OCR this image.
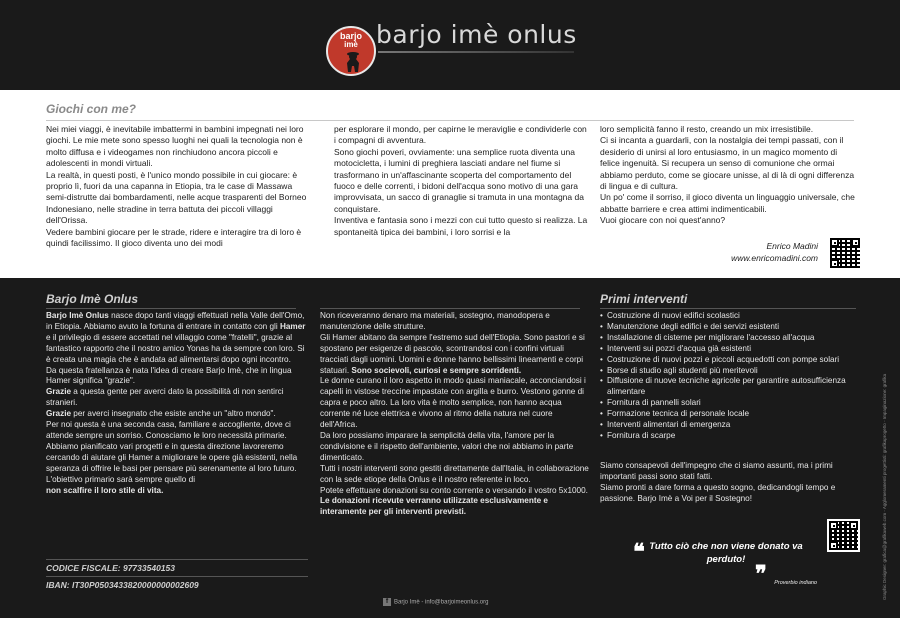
barjo
imè barjo imè onlus
Giochi con me?

Nei miei viaggi, è inevitabile imbattermi in bambini impegnati nei loro giochi. Le mie mete sono spesso luoghi nei quali la tecnologia non è molto diffusa e i videogames non rinchiudono ancora piccoli e adolescenti in mondi virtuali.

La realtà, in questi posti, è l'unico mondo possibile in cui giocare: è proprio lì, fuori da una capanna in Etiopia, tra le case di Massawa semi-distrutte dai bombardamenti, nelle acque trasparenti del Borneo Indonesiano, nelle stradine in terra battuta dei piccoli villaggi dell'Orissa.

Vedere bambini giocare per le strade, ridere e interagire tra di loro è quindi facilissimo. Il gioco diventa uno dei modi

per esplorare il mondo, per capirne le meraviglie e condividerle con i compagni di avventura.

Sono giochi poveri, ovviamente: una semplice ruota diventa una motocicletta, i lumini di preghiera lasciati andare nel fiume si trasformano in un'affascinante scoperta del comportamento del fuoco e delle correnti, i bidoni dell'acqua sono motivo di una gara improvvisata, un sacco di granaglie si tramuta in una montagna da conquistare.

Inventiva e fantasia sono i mezzi con cui tutto questo si realizza. La spontaneità tipica dei bambini, i loro sorrisi e la

loro semplicità fanno il resto, creando un mix irresistibile.

Ci si incanta a guardarli, con la nostalgia dei tempi passati, con il desiderio di unirsi al loro entusiasmo, in un magico momento di felice ingenuità. Si recupera un senso di comunione che ormai abbiamo perduto, come se giocare unisse, al di là di ogni differenza di lingua e di cultura.

Un po' come il sorriso, il gioco diventa un linguaggio universale, che abbatte barriere e crea attimi indimenticabili.

Vuoi giocare con noi quest'anno?

Enrico Madini
www.enricomadini.com
Barjo Imè Onlus	Primi interventi

Barjo Imè Onlus nasce dopo tanti viaggi effettuati nella Valle dell'Omo, in Etiopia. Abbiamo avuto la fortuna di entrare in contatto con gli Hamer e il privilegio di essere accettati nel villaggio come "fratelli", grazie al fantastico rapporto che il nostro amico Yonas ha da sempre con loro. Si è creata una magia che è andata ad alimentarsi dopo ogni incontro.

Da questa fratellanza è nata l'idea di creare Barjo Imè, che in lingua Hamer significa "grazie".

Grazie a questa gente per averci dato la possibilità di non sentirci stranieri.

Grazie per averci insegnato che esiste anche un "altro mondo".

Per noi questa è una seconda casa, familiare e accogliente, dove ci attende sempre un sorriso. Conosciamo le loro necessità primarie. Abbiamo pianificato vari progetti e in questa direzione lavoreremo cercando di aiutare gli Hamer a migliorare le opere già esistenti, nella speranza di offrire le basi per pensare più serenamente al loro futuro.

L'obiettivo primario sarà sempre quello di

non scalfire il loro stile di vita.

Non riceveranno denaro ma materiali, sostegno, manodopera e manutenzione delle strutture.

Gli Hamer abitano da sempre l'estremo sud dell'Etiopia. Sono pastori e si spostano per esigenze di pascolo, scontrandosi con i confini virtuali tracciati dagli uomini. Uomini e donne hanno bellissimi lineamenti e corpi statuari. Sono socievoli, curiosi e sempre sorridenti.

Le donne curano il loro aspetto in modo quasi maniacale, acconciandosi i capelli in vistose treccine impastate con argilla e burro. Vestono gonne di capra e poco altro. La loro vita è molto semplice, non hanno acqua corrente né luce elettrica e vivono al ritmo della natura nel cuore dell'Africa.

Da loro possiamo imparare la semplicità della vita, l'amore per la condivisione e il rispetto dell'ambiente, valori che noi abbiamo in parte dimenticato.

Tutti i nostri interventi sono gestiti direttamente dall'Italia, in collaborazione con la sede etiope della Onlus e il nostro referente in loco.

Potete effettuare donazioni su conto corrente o versando il vostro 5x1000. Le donazioni ricevute verranno utilizzate esclusivamente e interamente per gli interventi previsti.

• Costruzione di nuovi edifici scolastici
• Manutenzione degli edifici e dei servizi esistenti
• Installazione di cisterne per migliorare l'accesso all'acqua
• Interventi sui pozzi d'acqua già esistenti
• Costruzione di nuovi pozzi e piccoli acquedotti con pompe solari
• Borse di studio agli studenti più meritevoli
• Diffusione di nuove tecniche agricole per garantire autosufficienza alimentare
• Fornitura di pannelli solari
• Formazione tecnica di personale locale
• Interventi alimentari di emergenza
• Fornitura di scarpe

Siamo consapevoli dell'impegno che ci siamo assunti, ma i primi importanti passi sono stati fatti.

Siamo pronti a dare forma a questo sogno, dedicandogli tempo e passione. Barjo Imè a Voi per il Sostegno!

CODICE FISCALE: 97733540153
IBAN: IT30P0503433820000000002609
❝ Tutto ciò che non viene donato va perduto!
❞	Proverbio indiano	Graphic Designer: grafica@grafikaweb.com - Agglomeramenti progettisti: grafikaprogetto - Impaginazione: grafika
f Barjo Imè - info@barjoimeonlus.org
